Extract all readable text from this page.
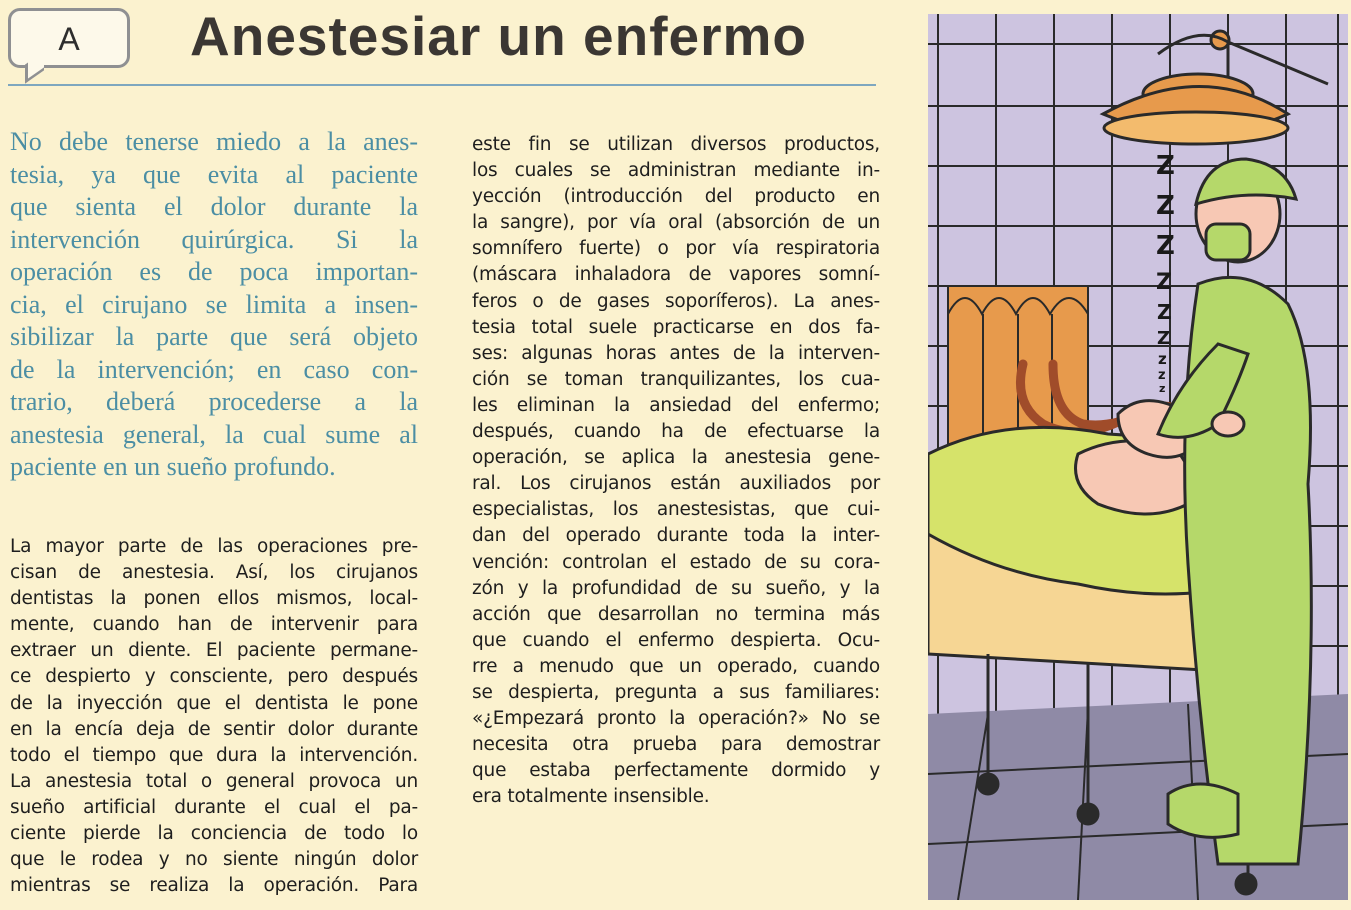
A	Anestesiar un enfermo

No debe tenerse miedo a la anes-

tesia, ya que evita al paciente

que sienta el dolor durante la

intervención quirúrgica. Si la

operación es de poca importan-

cia, el cirujano se limita a insen-

sibilizar la parte que será objeto

de la intervención; en caso con-

trario, deberá procederse a la

anestesia general, la cual sume al

paciente en un sueño profundo.

La mayor parte de las operaciones pre-

cisan de anestesia. Así, los cirujanos

dentistas la ponen ellos mismos, local-

mente, cuando han de intervenir para

extraer un diente. El paciente permane-

ce despierto y consciente, pero después

de la inyección que el dentista le pone

en la encía deja de sentir dolor durante

todo el tiempo que dura la intervención.

La anestesia total o general provoca un

sueño artificial durante el cual el pa-

ciente pierde la conciencia de todo lo

que le rodea y no siente ningún dolor

mientras se realiza la operación. Para

este fin se utilizan diversos productos,

los cuales se administran mediante in-

yección (introducción del producto en

la sangre), por vía oral (absorción de un

somnífero fuerte) o por vía respiratoria

(máscara inhaladora de vapores somní-

feros o de gases soporíferos). La anes-

tesia total suele practicarse en dos fa-

ses: algunas horas antes de la interven-

ción se toman tranquilizantes, los cua-

les eliminan la ansiedad del enfermo;

después, cuando ha de efectuarse la

operación, se aplica la anestesia gene-

ral. Los cirujanos están auxiliados por

especialistas, los anestesistas, que cui-

dan del operado durante toda la inter-

vención: controlan el estado de su cora-

zón y la profundidad de su sueño, y la

acción que desarrollan no termina más

que cuando el enfermo despierta. Ocu-

rre a menudo que un operado, cuando

se despierta, pregunta a sus familiares:

«¿Empezará pronto la operación?» No se

necesita otra prueba para demostrar

que estaba perfectamente dormido y

era totalmente insensible.

Z
Z
Z
Z
Z
Z
z
z
z
